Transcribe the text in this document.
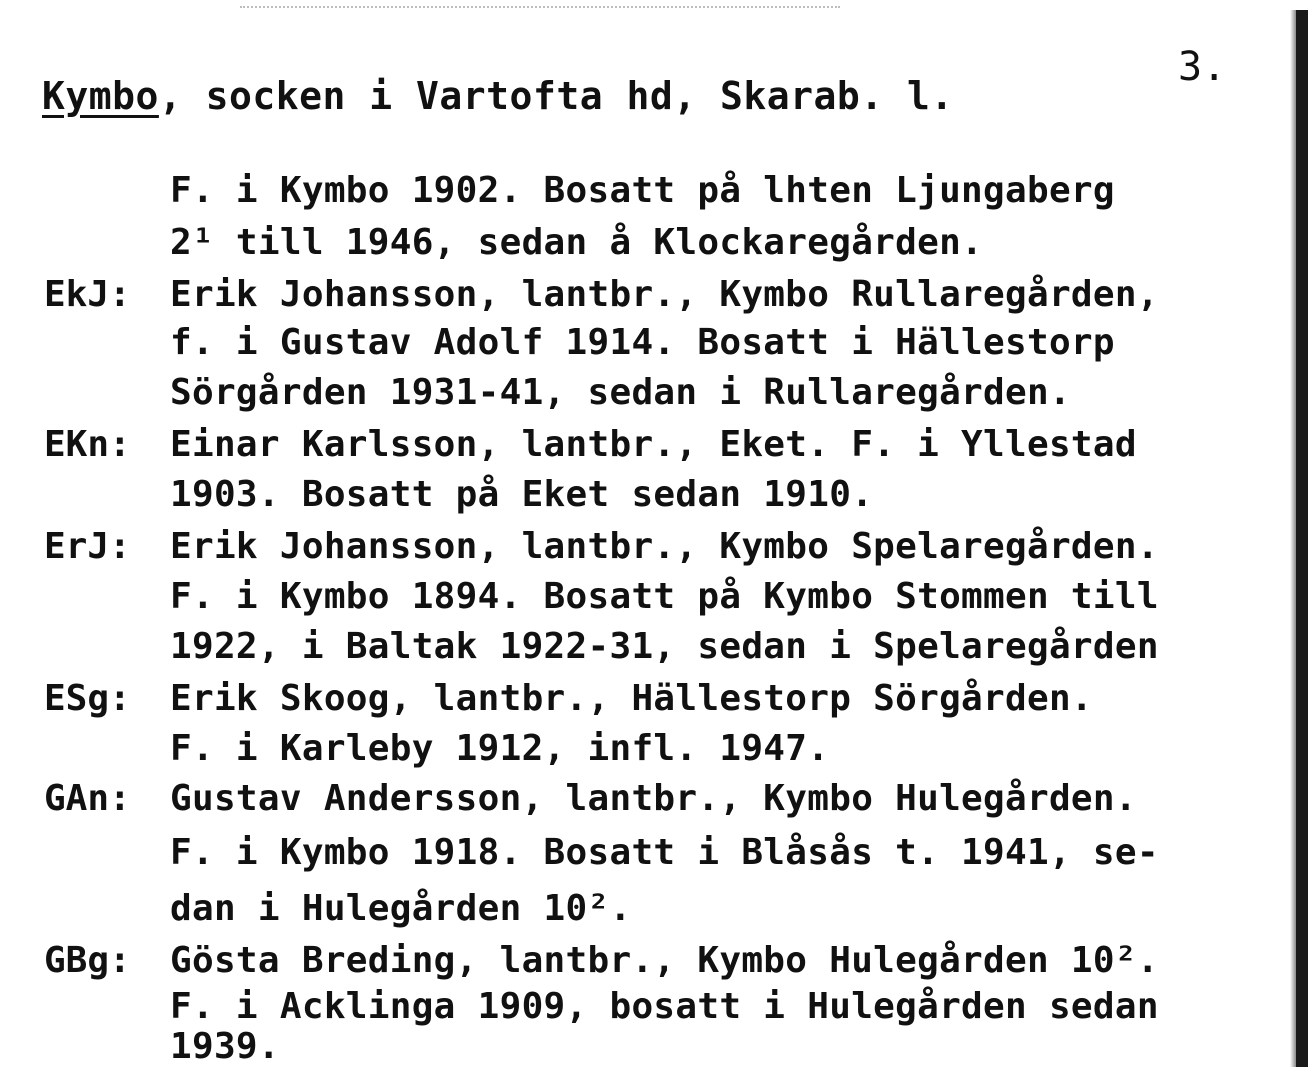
Kymbo, socken i Vartofta hd, Skarab. l.
3.
F. i Kymbo 1902. Bosatt på lhten Ljungaberg
2¹ till 1946, sedan å Klockaregården.
EkJ: Erik Johansson, lantbr., Kymbo Rullaregården,
f. i Gustav Adolf 1914. Bosatt i Hällestorp
Sörgården 1931-41, sedan i Rullaregården.
EKn: Einar Karlsson, lantbr., Eket. F. i Yllestad
1903. Bosatt på Eket sedan 1910.
ErJ: Erik Johansson, lantbr., Kymbo Spelaregården.
F. i Kymbo 1894. Bosatt på Kymbo Stommen till
1922, i Baltak 1922-31, sedan i Spelaregården
ESg: Erik Skoog, lantbr., Hällestorp Sörgården.
F. i Karleby 1912, infl. 1947.
GAn: Gustav Andersson, lantbr., Kymbo Hulegården.
F. i Kymbo 1918. Bosatt i Blåsås t. 1941, se-
dan i Hulegården 10².
GBg: Gösta Breding, lantbr., Kymbo Hulegården 10².
F. i Acklinga 1909, bosatt i Hulegården sedan
1939.
